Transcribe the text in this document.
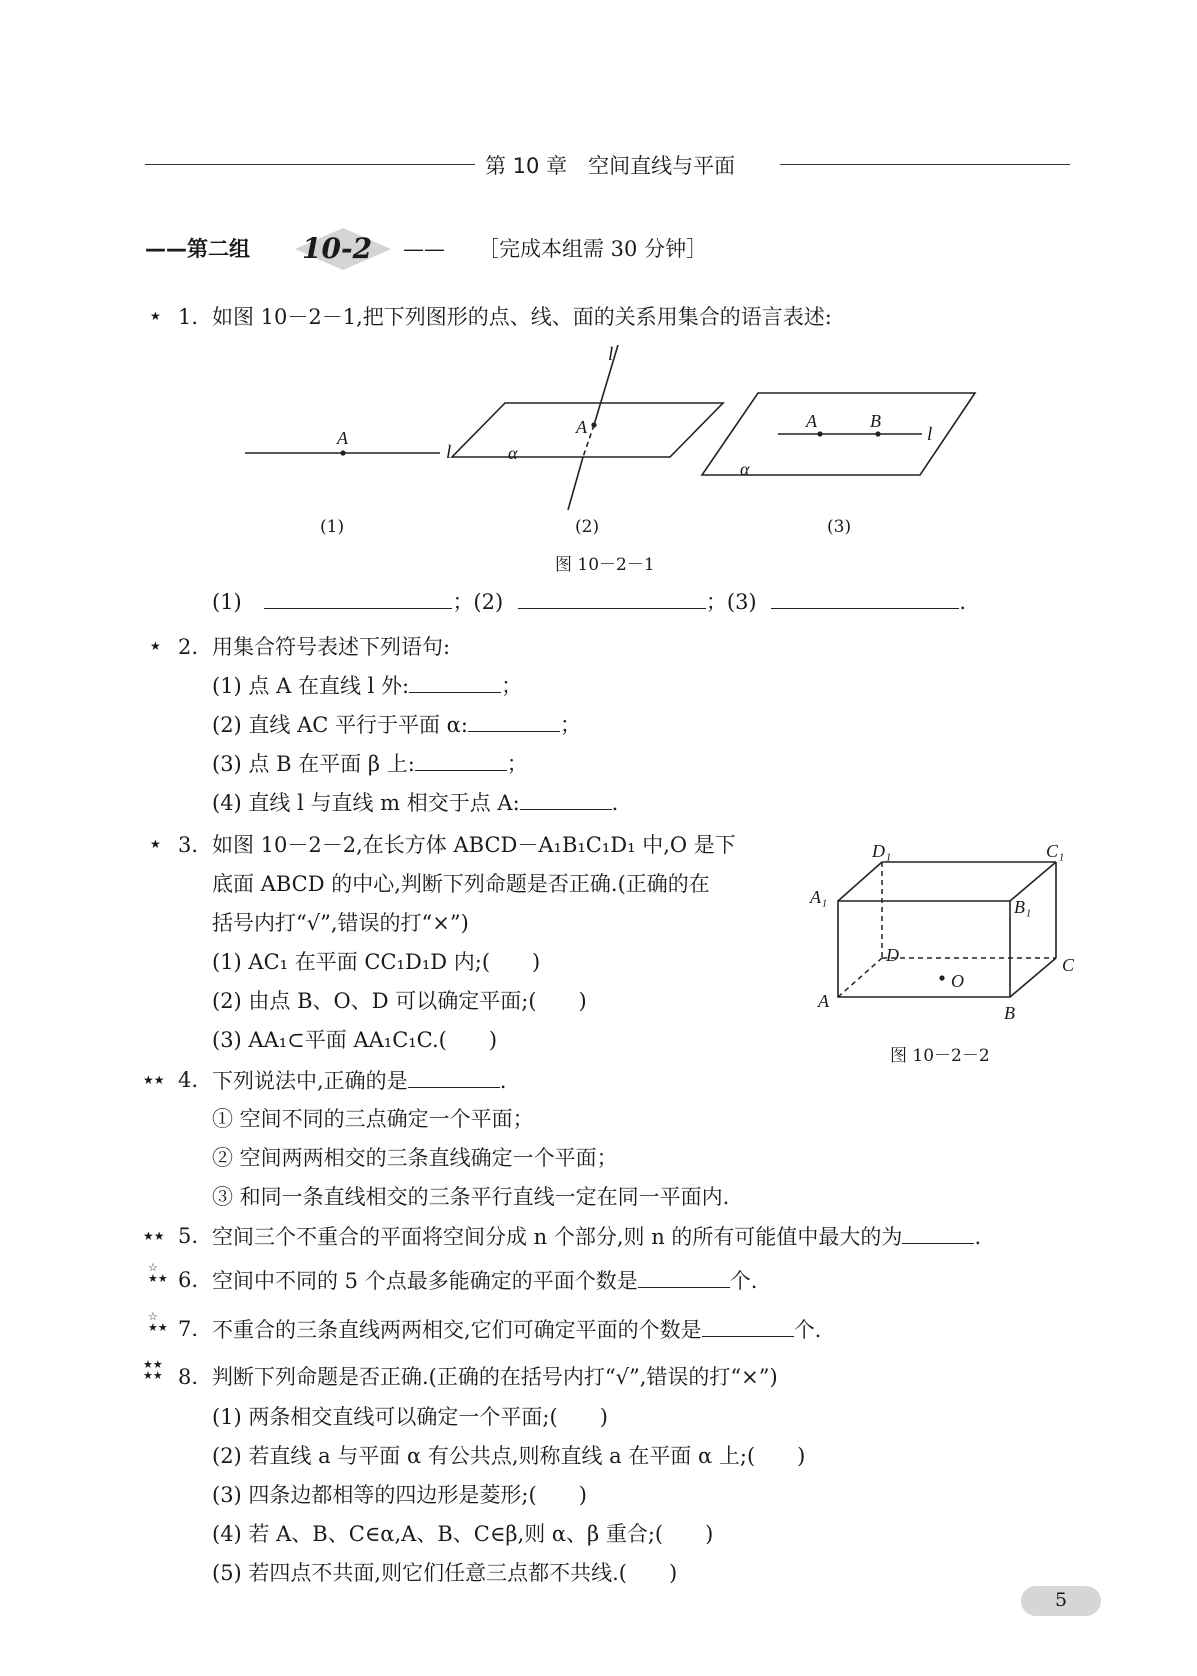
第 10 章　空间直线与平面
——第二组 10-2 —— ［完成本组需 30 分钟］
★ 1. 如图 10－2－1,把下列图形的点、线、面的关系用集合的语言表述:
A
l
l
A
α
A	B
l
α
(1)	(2)	(3)
图 10－2－1
(1)	；(2)	；(3)	.
★ 2. 用集合符号表述下列语句:
(1) 点 A 在直线 l 外:	；
(2) 直线 AC 平行于平面 α:	；
(3) 点 B 在平面 β 上:	；
(4) 直线 l 与直线 m 相交于点 A:	.
★ 3. 如图 10－2－2,在长方体 ABCD－A₁B₁C₁D₁ 中,O 是下
底面 ABCD 的中心,判断下列命题是否正确.(正确的在
括号内打“√”,错误的打“×”)
(1) AC₁ 在平面 CC₁D₁D 内;(　　)
(2) 由点 B、O、D 可以确定平面;(　　)
(3) AA₁⊂平面 AA₁C₁C.(　　)
D₁	C₁
A₁	B₁
D	C
O
A
B
图 10－2－2
★★ 4. 下列说法中,正确的是	.
① 空间不同的三点确定一个平面；
② 空间两两相交的三条直线确定一个平面；
③ 和同一条直线相交的三条平行直线一定在同一平面内.
★★ 5. 空间三个不重合的平面将空间分成 n 个部分,则 n 的所有可能值中最大的为	.
☆
★★ 6. 空间中不同的 5 个点最多能确定的平面个数是	个.
☆
★★ 7. 不重合的三条直线两两相交,它们可确定平面的个数是	个.
★★
★★ 8. 判断下列命题是否正确.(正确的在括号内打“√”,错误的打“×”)
(1) 两条相交直线可以确定一个平面;(　　)
(2) 若直线 a 与平面 α 有公共点,则称直线 a 在平面 α 上;(　　)
(3) 四条边都相等的四边形是菱形;(　　)
(4) 若 A、B、C∈α,A、B、C∈β,则 α、β 重合;(　　)
(5) 若四点不共面,则它们任意三点都不共线.(　　)
5
